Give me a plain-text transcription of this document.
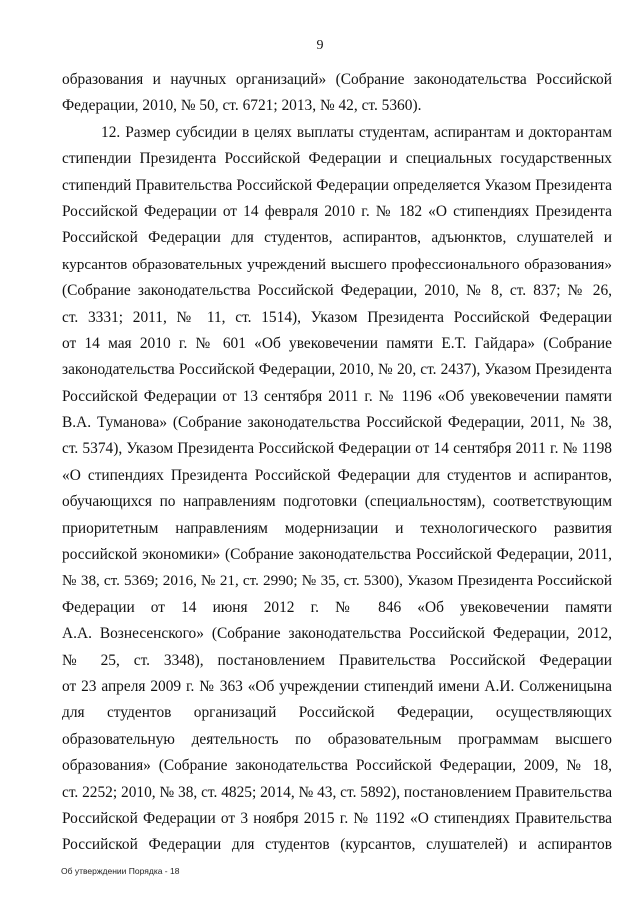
9
образования и научных организаций» (Собрание законодательства Российской
Федерации, 2010, № 50, ст. 6721; 2013, № 42, ст. 5360).
12. Размер субсидии в целях выплаты студентам, аспирантам и докторантам
стипендии Президента Российской Федерации и специальных государственных
стипендий Правительства Российской Федерации определяется Указом Президента
Российской Федерации от 14 февраля 2010 г. № 182 «О стипендиях Президента
Российской Федерации для студентов, аспирантов, адъюнктов, слушателей и
курсантов образовательных учреждений высшего профессионального образования»
(Собрание законодательства Российской Федерации, 2010, № 8, ст. 837; № 26,
ст. 3331; 2011, № 11, ст. 1514), Указом Президента Российской Федерации
от 14 мая 2010 г. № 601 «Об увековечении памяти Е.Т. Гайдара» (Собрание
законодательства Российской Федерации, 2010, № 20, ст. 2437), Указом Президента
Российской Федерации от 13 сентября 2011 г. № 1196 «Об увековечении памяти
В.А. Туманова» (Собрание законодательства Российской Федерации, 2011, № 38,
ст. 5374), Указом Президента Российской Федерации от 14 сентября 2011 г. № 1198
«О стипендиях Президента Российской Федерации для студентов и аспирантов,
обучающихся по направлениям подготовки (специальностям), соответствующим
приоритетным направлениям модернизации и технологического развития
российской экономики» (Собрание законодательства Российской Федерации, 2011,
№ 38, ст. 5369; 2016, № 21, ст. 2990; № 35, ст. 5300), Указом Президента Российской
Федерации от 14 июня 2012 г. № 846 «Об увековечении памяти
А.А. Вознесенского» (Собрание законодательства Российской Федерации, 2012,
№ 25, ст. 3348), постановлением Правительства Российской Федерации
от 23 апреля 2009 г. № 363 «Об учреждении стипендий имени А.И. Солженицына
для студентов организаций Российской Федерации, осуществляющих
образовательную деятельность по образовательным программам высшего
образования» (Собрание законодательства Российской Федерации, 2009, № 18,
ст. 2252; 2010, № 38, ст. 4825; 2014, № 43, ст. 5892), постановлением Правительства
Российской Федерации от 3 ноября 2015 г. № 1192 «О стипендиях Правительства
Российской Федерации для студентов (курсантов, слушателей) и аспирантов
Об утверждении Порядка - 18
